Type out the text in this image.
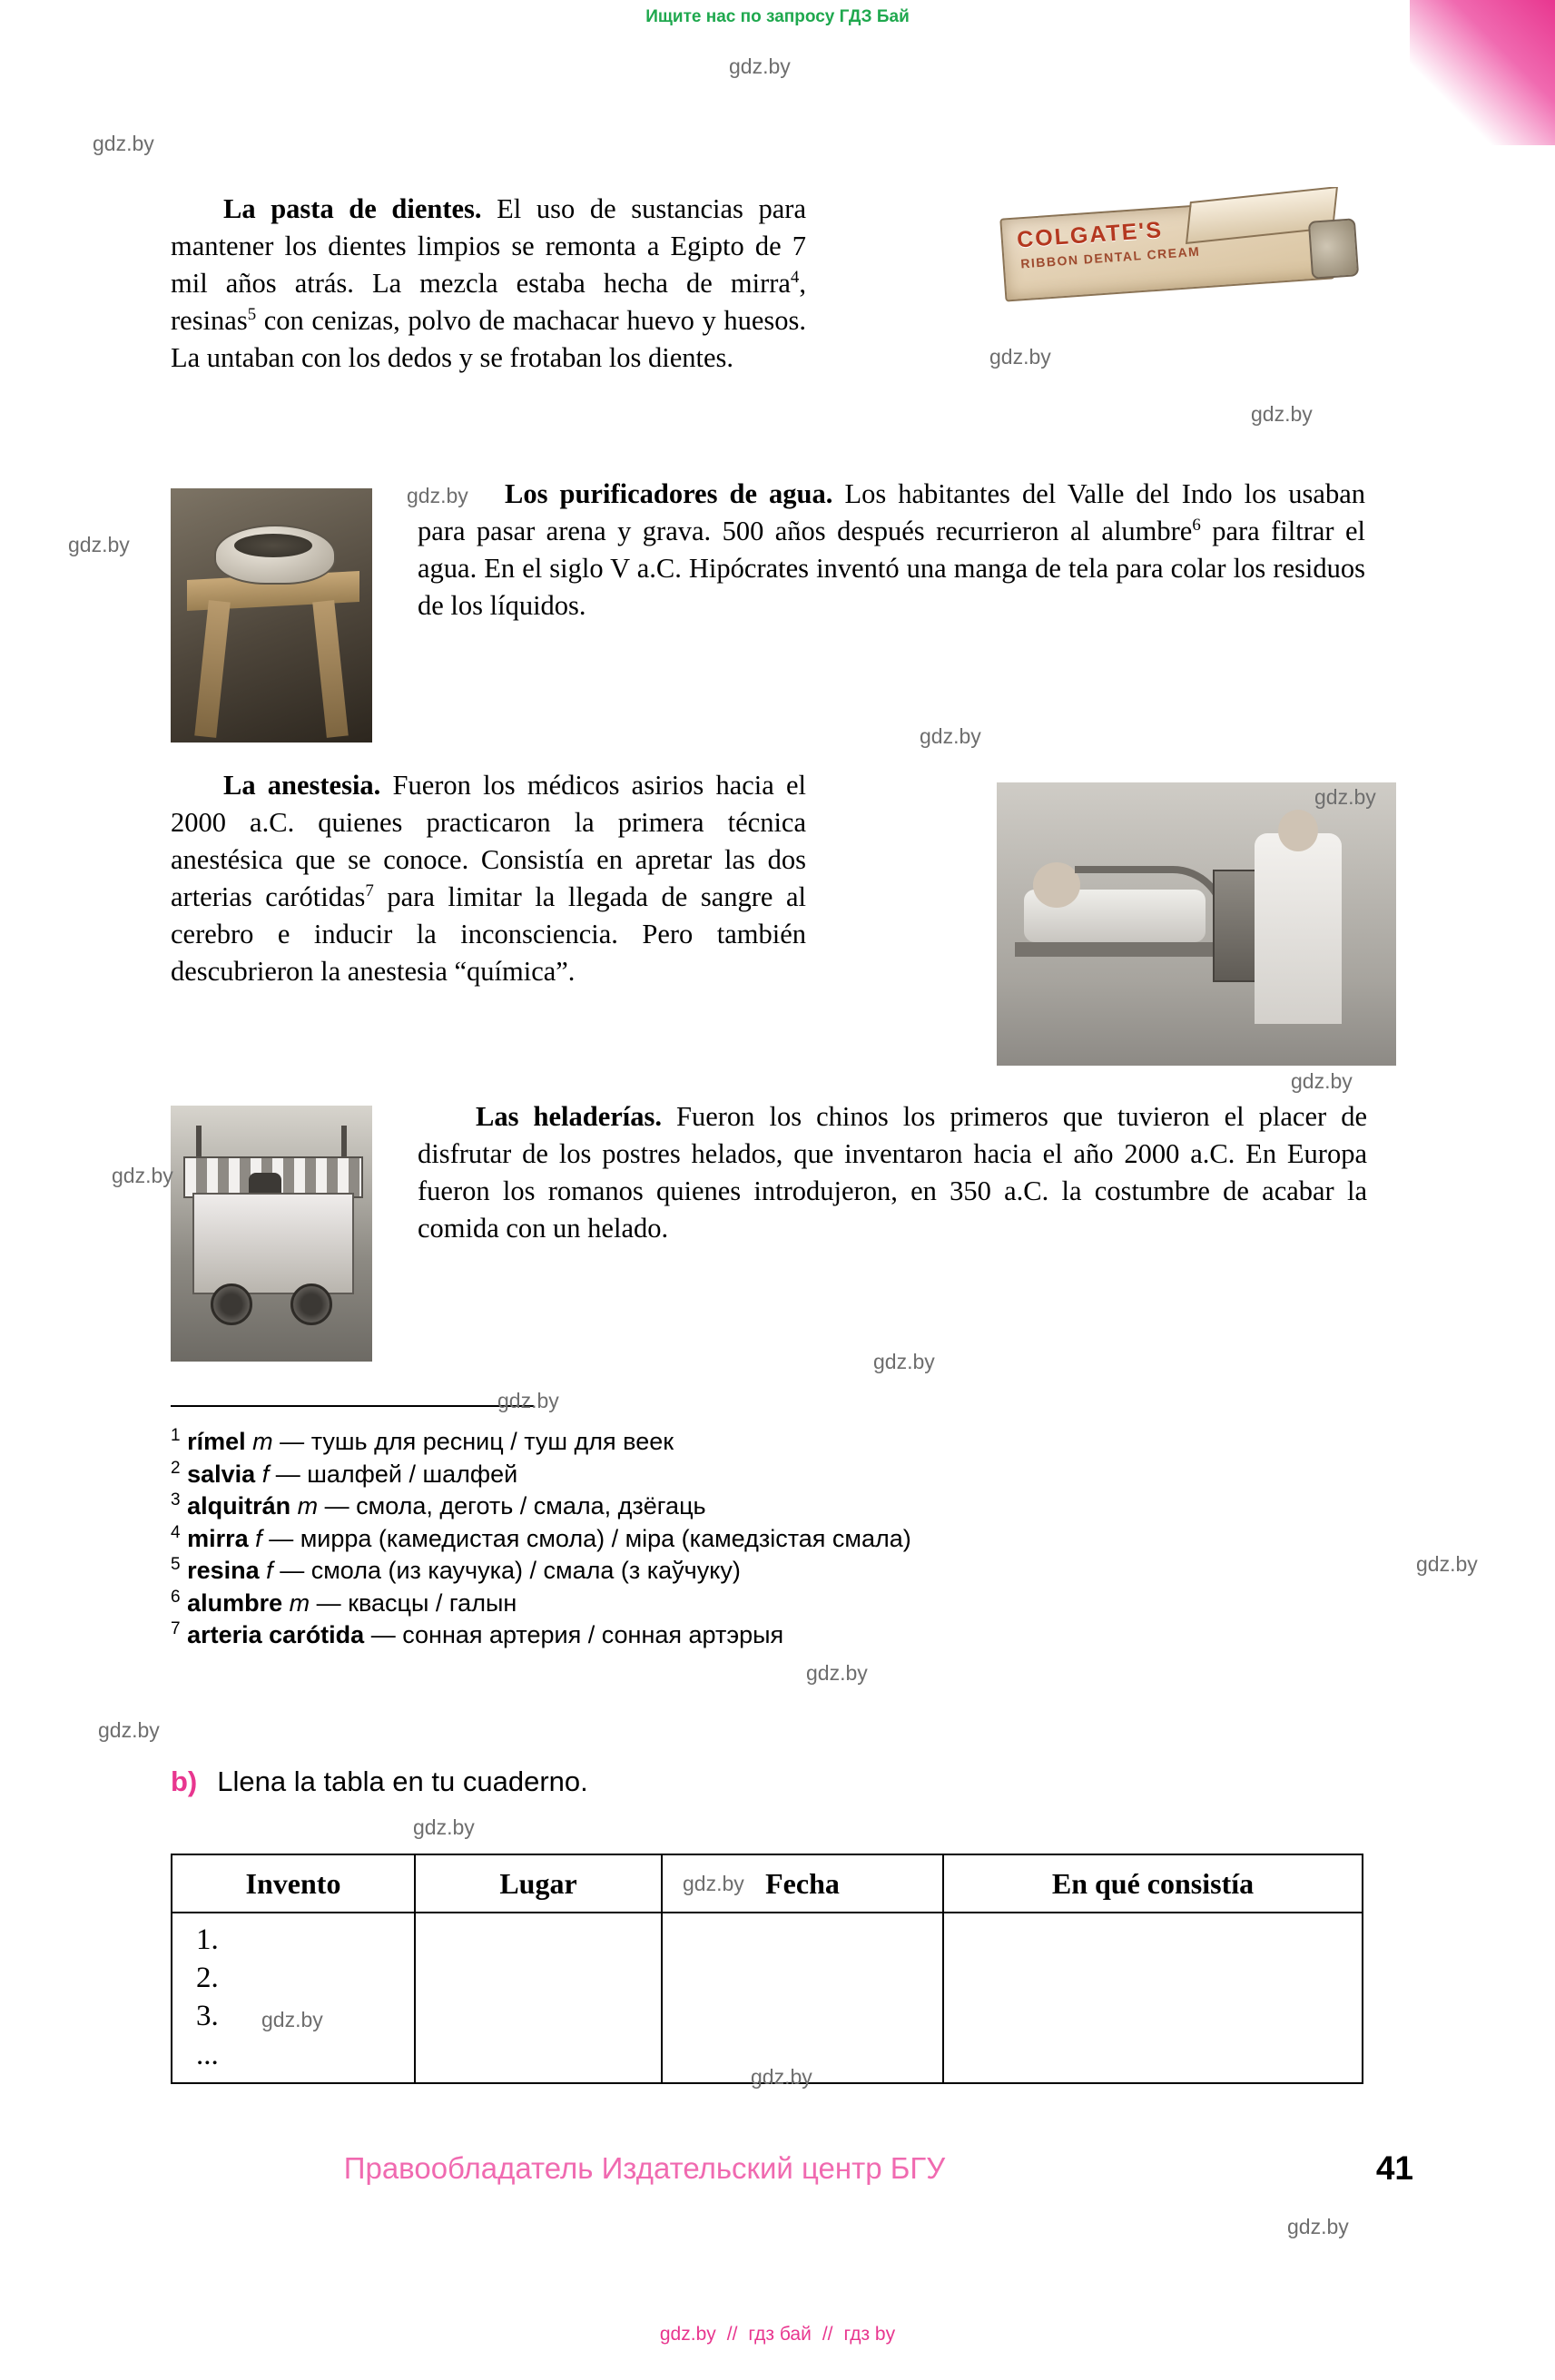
Ищите нас по запросу ГДЗ Бай
La pasta de dientes. El uso de sustancias para mantener los dientes limpios se remonta a Egipto de 7 mil años atrás. La mezcla estaba hecha de mirra$^4$, resinas$^5$ con cenizas, polvo de machacar huevo y huesos. La untaban con los dedos y se frotaban los dientes.
COLGATE'S
RIBBON DENTAL CREAM
Los purificadores de agua. Los habitantes del Valle del Indo los usaban para pasar arena y grava. 500 años después recurrieron al alumbre$^6$ para filtrar el agua. En el siglo V a.C. Hipócrates inventó una manga de tela para colar los residuos de los líquidos.
La anestesia. Fueron los médicos asirios hacia el 2000 a.C. quienes practicaron la primera técnica anestésica que se conoce. Consistía en apretar las dos arterias carótidas$^7$ para limitar la llegada de sangre al cerebro e inducir la inconsciencia. Pero también descubrieron la anestesia “química”.
Las heladerías. Fueron los chinos los primeros que tuvieron el placer de disfrutar de los postres helados, que inventaron hacia el año 2000 a.C. En Europa fueron los romanos quienes introdujeron, en 350 a.C. la costumbre de acabar la comida con un helado.
$^1$ rímel m — тушь для ресниц / туш для веек
$^2$ salvia f — шалфей / шалфей
$^3$ alquitrán m — смола, деготь / смала, дзёгаць
$^4$ mirra f — мирра (камедистая смола) / міра (камедзістая смала)
$^5$ resina f — смола (из каучука) / смала (з каўчуку)
$^6$ alumbre m — квасцы / галын
$^7$ arteria carótida — сонная артерия / сонная артэрыя
b) Llena la tabla en tu cuaderno.
Invento	Lugar	Fecha	En qué consistía

1.
2.
3.
...			

Правообладатель Издательский центр БГУ	41
gdz.by // гдз бай // гдз by
gdz.by
gdz.by
gdz.by
gdz.by
gdz.by
gdz.by
gdz.by
gdz.by
gdz.by
gdz.by
gdz.by
gdz.by
gdz.by
gdz.by
gdz.by
gdz.by
gdz.by
gdz.by
gdz.by
gdz.by
